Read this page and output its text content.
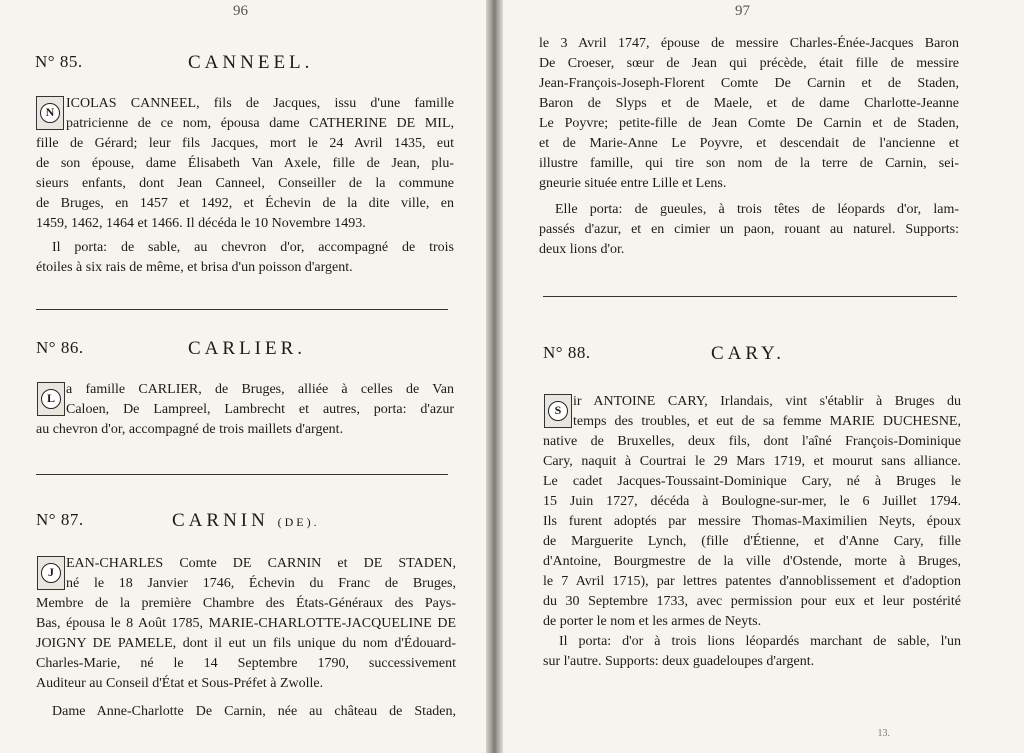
96
N° 85.	CANNEEL.
N
ICOLAS CANNEEL, fils de Jacques, issu d'une famille
patricienne de ce nom, épousa dame CATHERINE DE MIL,
fille de Gérard; leur fils Jacques, mort le 24 Avril 1435, eut
de son épouse, dame Élisabeth Van Axele, fille de Jean, plu-
sieurs enfants, dont Jean Canneel, Conseiller de la commune
de Bruges, en 1457 et 1492, et Échevin de la dite ville, en
1459, 1462, 1464 et 1466. Il décéda le 10 Novembre 1493.
Il porta: de sable, au chevron d'or, accompagné de trois
étoiles à six rais de même, et brisa d'un poisson d'argent.
N° 86.	CARLIER.
L
a famille CARLIER, de Bruges, alliée à celles de Van
Caloen, De Lampreel, Lambrecht et autres, porta: d'azur
au chevron d'or, accompagné de trois maillets d'argent.
N° 87.	CARNIN (DE).
J
EAN-CHARLES Comte DE CARNIN et DE STADEN,
né le 18 Janvier 1746, Échevin du Franc de Bruges,
Membre de la première Chambre des États-Généraux des Pays-
Bas, épousa le 8 Août 1785, MARIE-CHARLOTTE-JACQUELINE DE
JOIGNY DE PAMELE, dont il eut un fils unique du nom d'Édouard-
Charles-Marie, né le 14 Septembre 1790, successivement
Auditeur au Conseil d'État et Sous-Préfet à Zwolle.
Dame Anne-Charlotte De Carnin, née au château de Staden,
97
le 3 Avril 1747, épouse de messire Charles-Énée-Jacques Baron
De Croeser, sœur de Jean qui précède, était fille de messire
Jean-François-Joseph-Florent Comte De Carnin et de Staden,
Baron de Slyps et de Maele, et de dame Charlotte-Jeanne
Le Poyvre; petite-fille de Jean Comte De Carnin et de Staden,
et de Marie-Anne Le Poyvre, et descendait de l'ancienne et
illustre famille, qui tire son nom de la terre de Carnin, sei-
gneurie située entre Lille et Lens.
Elle porta: de gueules, à trois têtes de léopards d'or, lam-
passés d'azur, et en cimier un paon, rouant au naturel. Supports:
deux lions d'or.
N° 88.	CARY.
S
ir ANTOINE CARY, Irlandais, vint s'établir à Bruges du
temps des troubles, et eut de sa femme MARIE DUCHESNE,
native de Bruxelles, deux fils, dont l'aîné François-Dominique
Cary, naquit à Courtrai le 29 Mars 1719, et mourut sans alliance.
Le cadet Jacques-Toussaint-Dominique Cary, né à Bruges le
15 Juin 1727, décéda à Boulogne-sur-mer, le 6 Juillet 1794.
Ils furent adoptés par messire Thomas-Maximilien Neyts, époux
de Marguerite Lynch, (fille d'Étienne, et d'Anne Cary, fille
d'Antoine, Bourgmestre de la ville d'Ostende, morte à Bruges,
le 7 Avril 1715), par lettres patentes d'annoblissement et d'adoption
du 30 Septembre 1733, avec permission pour eux et leur postérité
de porter le nom et les armes de Neyts.
Il porta: d'or à trois lions léopardés marchant de sable, l'un
sur l'autre. Supports: deux guadeloupes d'argent.
13.
